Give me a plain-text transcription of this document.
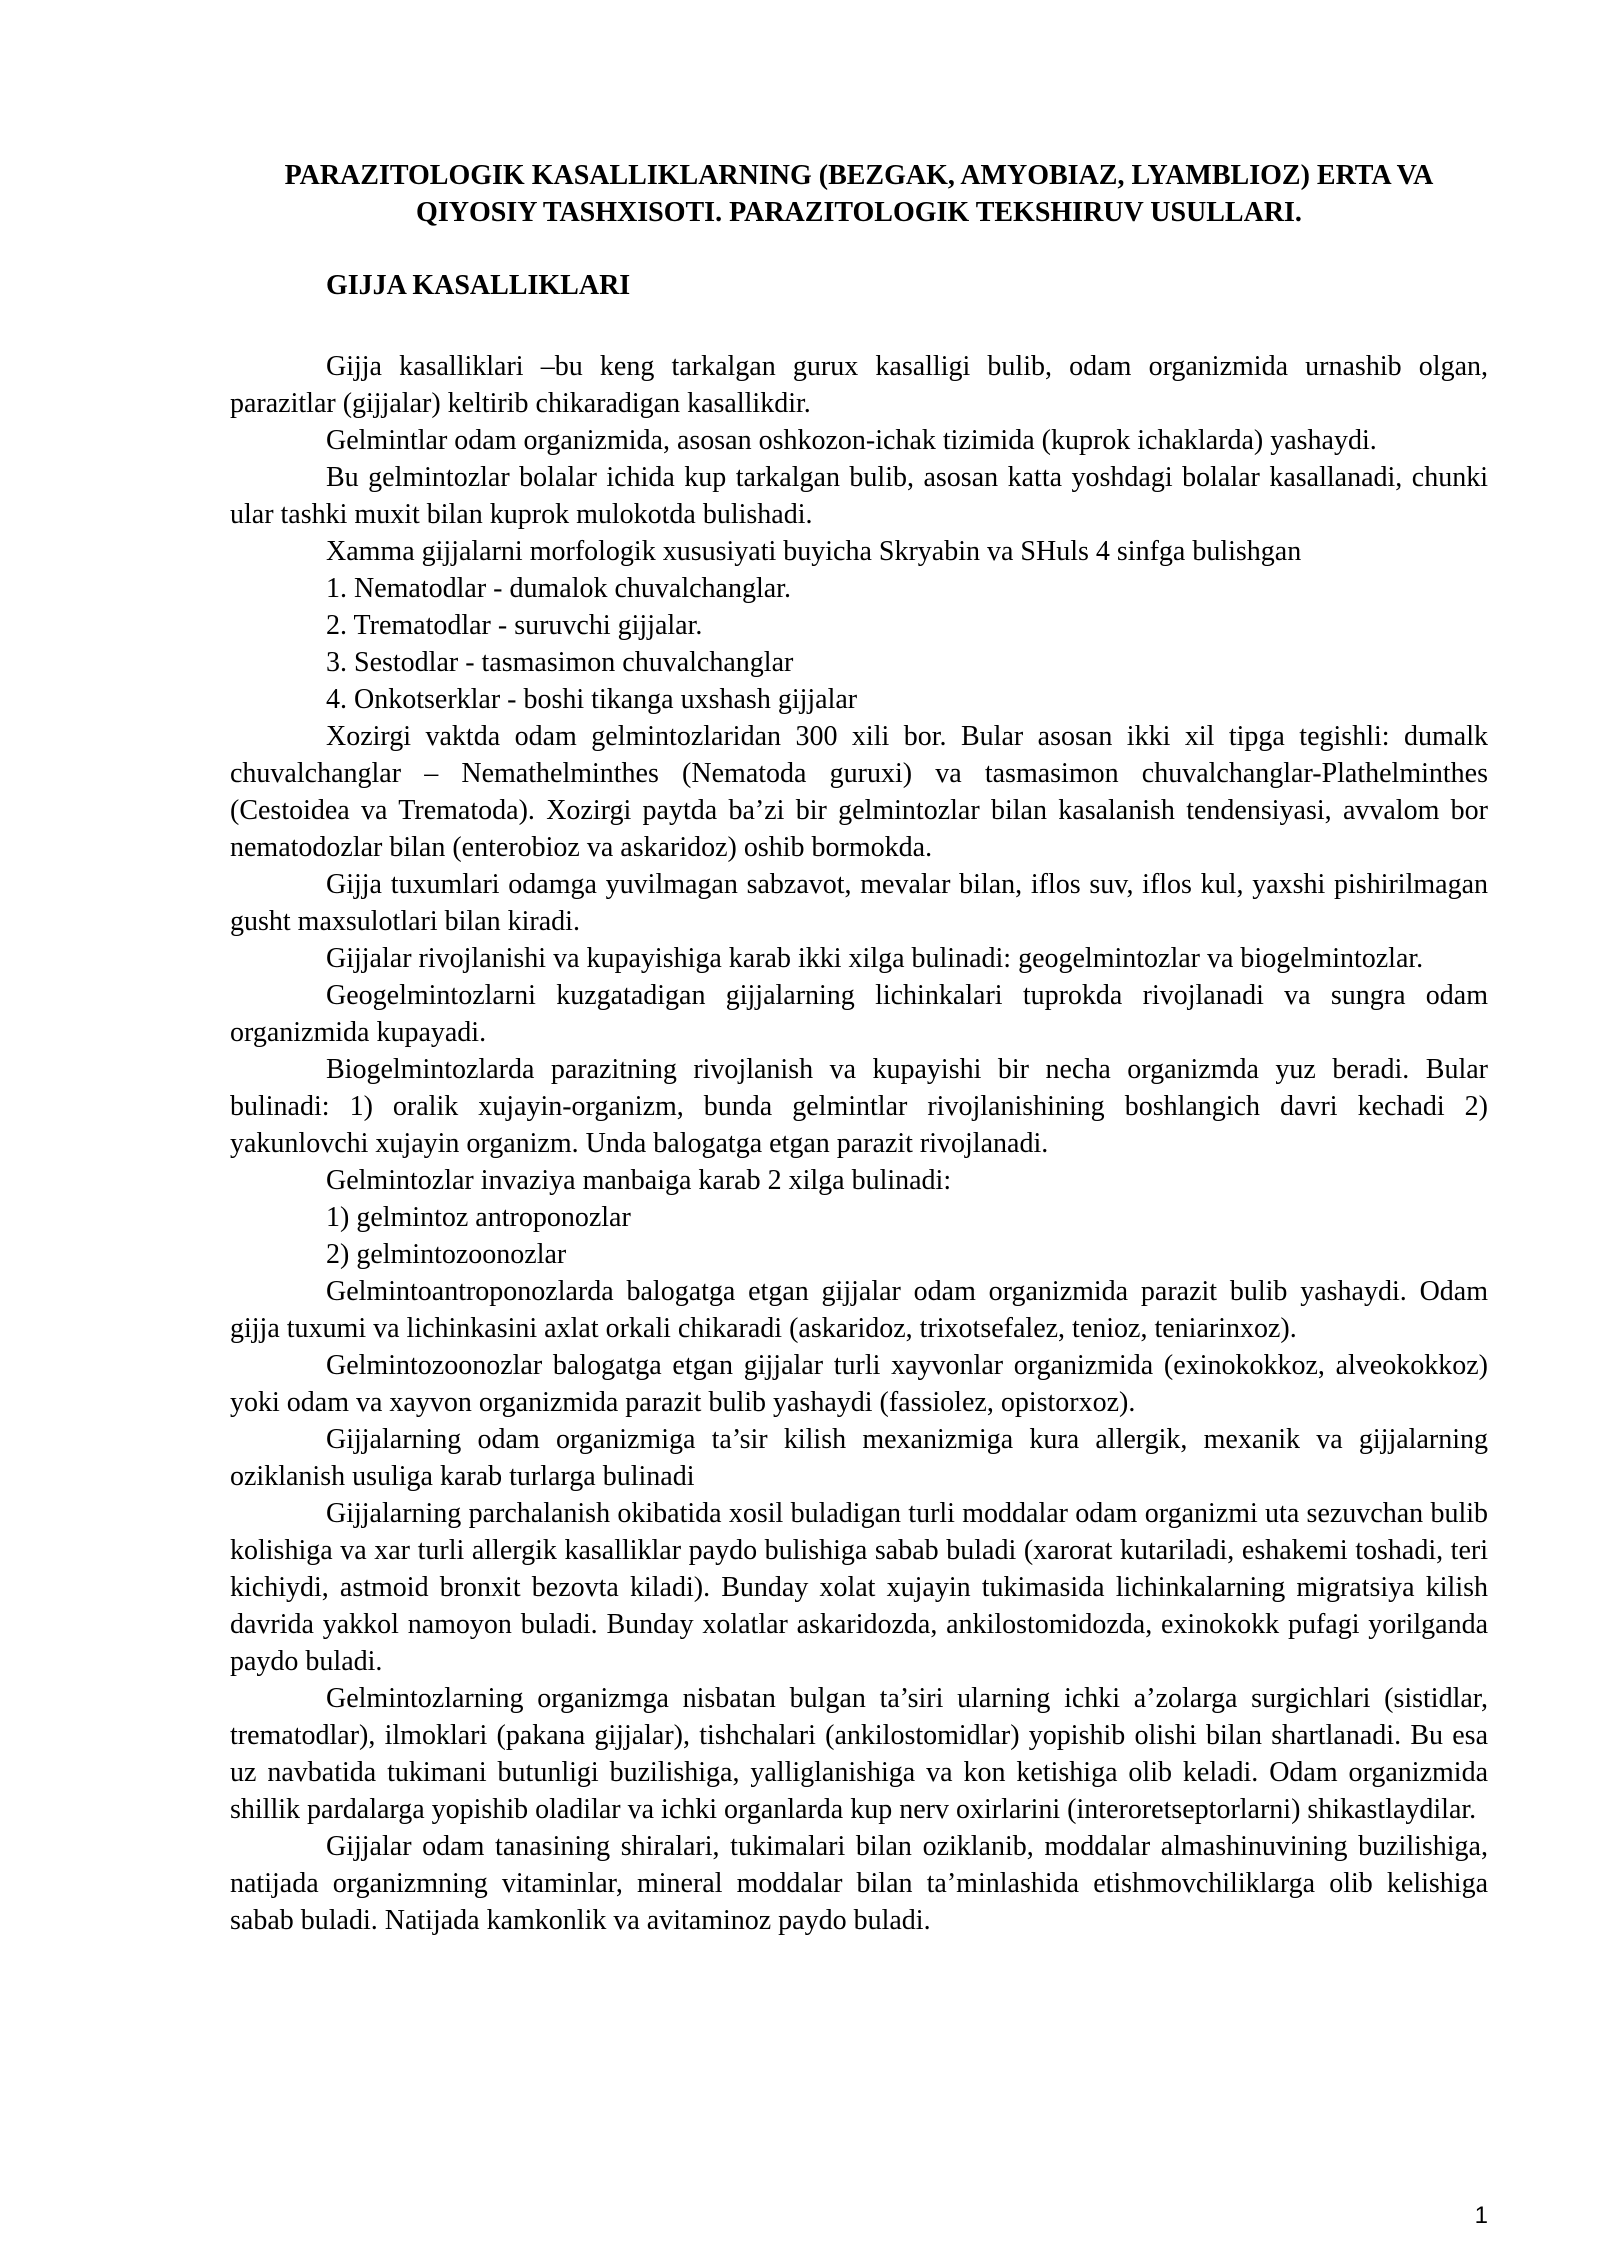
PARAZITOLOGIK KASALLIKLARNING (BEZGAK, AMYOBIAZ, LYAMBLIOZ) ERTA VA QIYOSIY TASHXISOTI. PARAZITOLOGIK TEKSHIRUV USULLARI.

GIJJA KASALLIKLARI

Gijja kasalliklari –bu keng tarkalgan gurux kasalligi bulib, odam organizmida urnashib olgan, parazitlar (gijjalar) keltirib chikaradigan kasallikdir.

Gelmintlar odam organizmida, asosan oshkozon-ichak tizimida (kuprok ichaklarda) yashaydi.

Bu gelmintozlar bolalar ichida kup tarkalgan bulib, asosan katta yoshdagi bolalar kasallanadi, chunki ular tashki muxit bilan kuprok mulokotda bulishadi.

Xamma gijjalarni morfologik xususiyati buyicha Skryabin va SHuls 4 sinfga bulishgan

1. Nematodlar - dumalok chuvalchanglar.

2. Trematodlar - suruvchi gijjalar.

3. Sestodlar - tasmasimon chuvalchanglar

4. Onkotserklar - boshi tikanga uxshash gijjalar

Xozirgi vaktda odam gelmintozlaridan 300 xili bor. Bular asosan ikki xil tipga tegishli: dumalk chuvalchanglar – Nemathelminthes (Nematoda guruxi) va tasmasimon chuvalchanglar-Plathelminthes (Cestoidea va Trematoda). Xozirgi paytda ba’zi bir gelmintozlar bilan kasalanish tendensiyasi, avvalom bor nematodozlar bilan (enterobioz va askaridoz) oshib bormokda.

Gijja tuxumlari odamga yuvilmagan sabzavot, mevalar bilan, iflos suv, iflos kul, yaxshi pishirilmagan gusht maxsulotlari bilan kiradi.

Gijjalar rivojlanishi va kupayishiga karab ikki xilga bulinadi: geogelmintozlar va biogelmintozlar.

Geogelmintozlarni kuzgatadigan gijjalarning lichinkalari tuprokda rivojlanadi va sungra odam organizmida kupayadi.

Biogelmintozlarda parazitning rivojlanish va kupayishi bir necha organizmda yuz beradi. Bular bulinadi: 1) oralik xujayin-organizm, bunda gelmintlar rivojlanishining boshlangich davri kechadi 2) yakunlovchi xujayin organizm. Unda balogatga etgan parazit rivojlanadi.

Gelmintozlar invaziya manbaiga karab 2 xilga bulinadi:

1) gelmintoz antroponozlar

2) gelmintozoonozlar

Gelmintoantroponozlarda balogatga etgan gijjalar odam organizmida parazit bulib yashaydi. Odam gijja tuxumi va lichinkasini axlat orkali chikaradi (askaridoz, trixotsefalez, tenioz, teniarinxoz).

Gelmintozoonozlar balogatga etgan gijjalar turli xayvonlar organizmida (exinokokkoz, alveokokkoz) yoki odam va xayvon organizmida parazit bulib yashaydi (fassiolez, opistorxoz).

Gijjalarning odam organizmiga ta’sir kilish mexanizmiga kura allergik, mexanik va gijjalarning oziklanish usuliga karab turlarga bulinadi

Gijjalarning parchalanish okibatida xosil buladigan turli moddalar odam organizmi uta sezuvchan bulib kolishiga va xar turli allergik kasalliklar paydo bulishiga sabab buladi (xarorat kutariladi, eshakemi toshadi, teri kichiydi, astmoid bronxit bezovta kiladi). Bunday xolat xujayin tukimasida lichinkalarning migratsiya kilish davrida yakkol namoyon buladi. Bunday xolatlar askaridozda, ankilostomidozda, exinokokk pufagi yorilganda paydo buladi.

Gelmintozlarning organizmga nisbatan bulgan ta’siri ularning ichki a’zolarga surgichlari (sistidlar, trematodlar), ilmoklari (pakana gijjalar), tishchalari (ankilostomidlar) yopishib olishi bilan shartlanadi. Bu esa uz navbatida tukimani butunligi buzilishiga, yalliglanishiga va kon ketishiga olib keladi. Odam organizmida shillik pardalarga yopishib oladilar va ichki organlarda kup nerv oxirlarini (interoretseptorlarni) shikastlaydilar.

Gijjalar odam tanasining shiralari, tukimalari bilan oziklanib, moddalar almashinuvining buzilishiga, natijada organizmning vitaminlar, mineral moddalar bilan ta’minlashida etishmovchiliklarga olib kelishiga sabab buladi. Natijada kamkonlik va avitaminoz paydo buladi.

1
